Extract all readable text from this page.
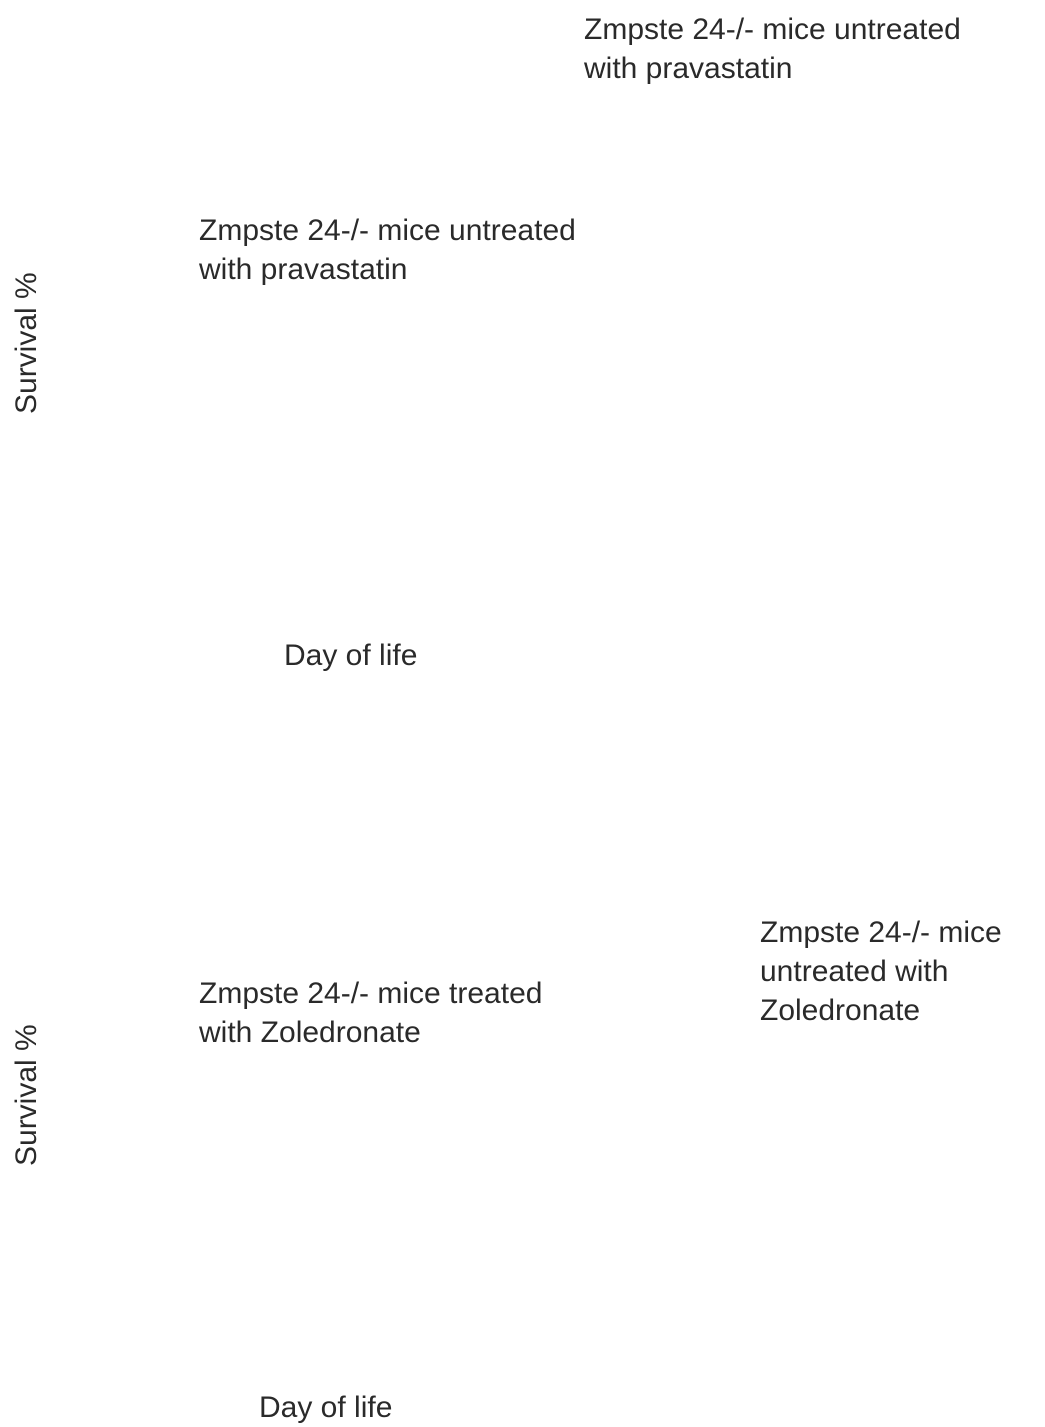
Zmpste 24-/- mice untreated
with pravastatin
Zmpste 24-/- mice untreated
with pravastatin
Survival %
Day of life
Zmpste 24-/- mice treated
with Zoledronate
Zmpste 24-/- mice
untreated with
Zoledronate
Survival %
Day of life
